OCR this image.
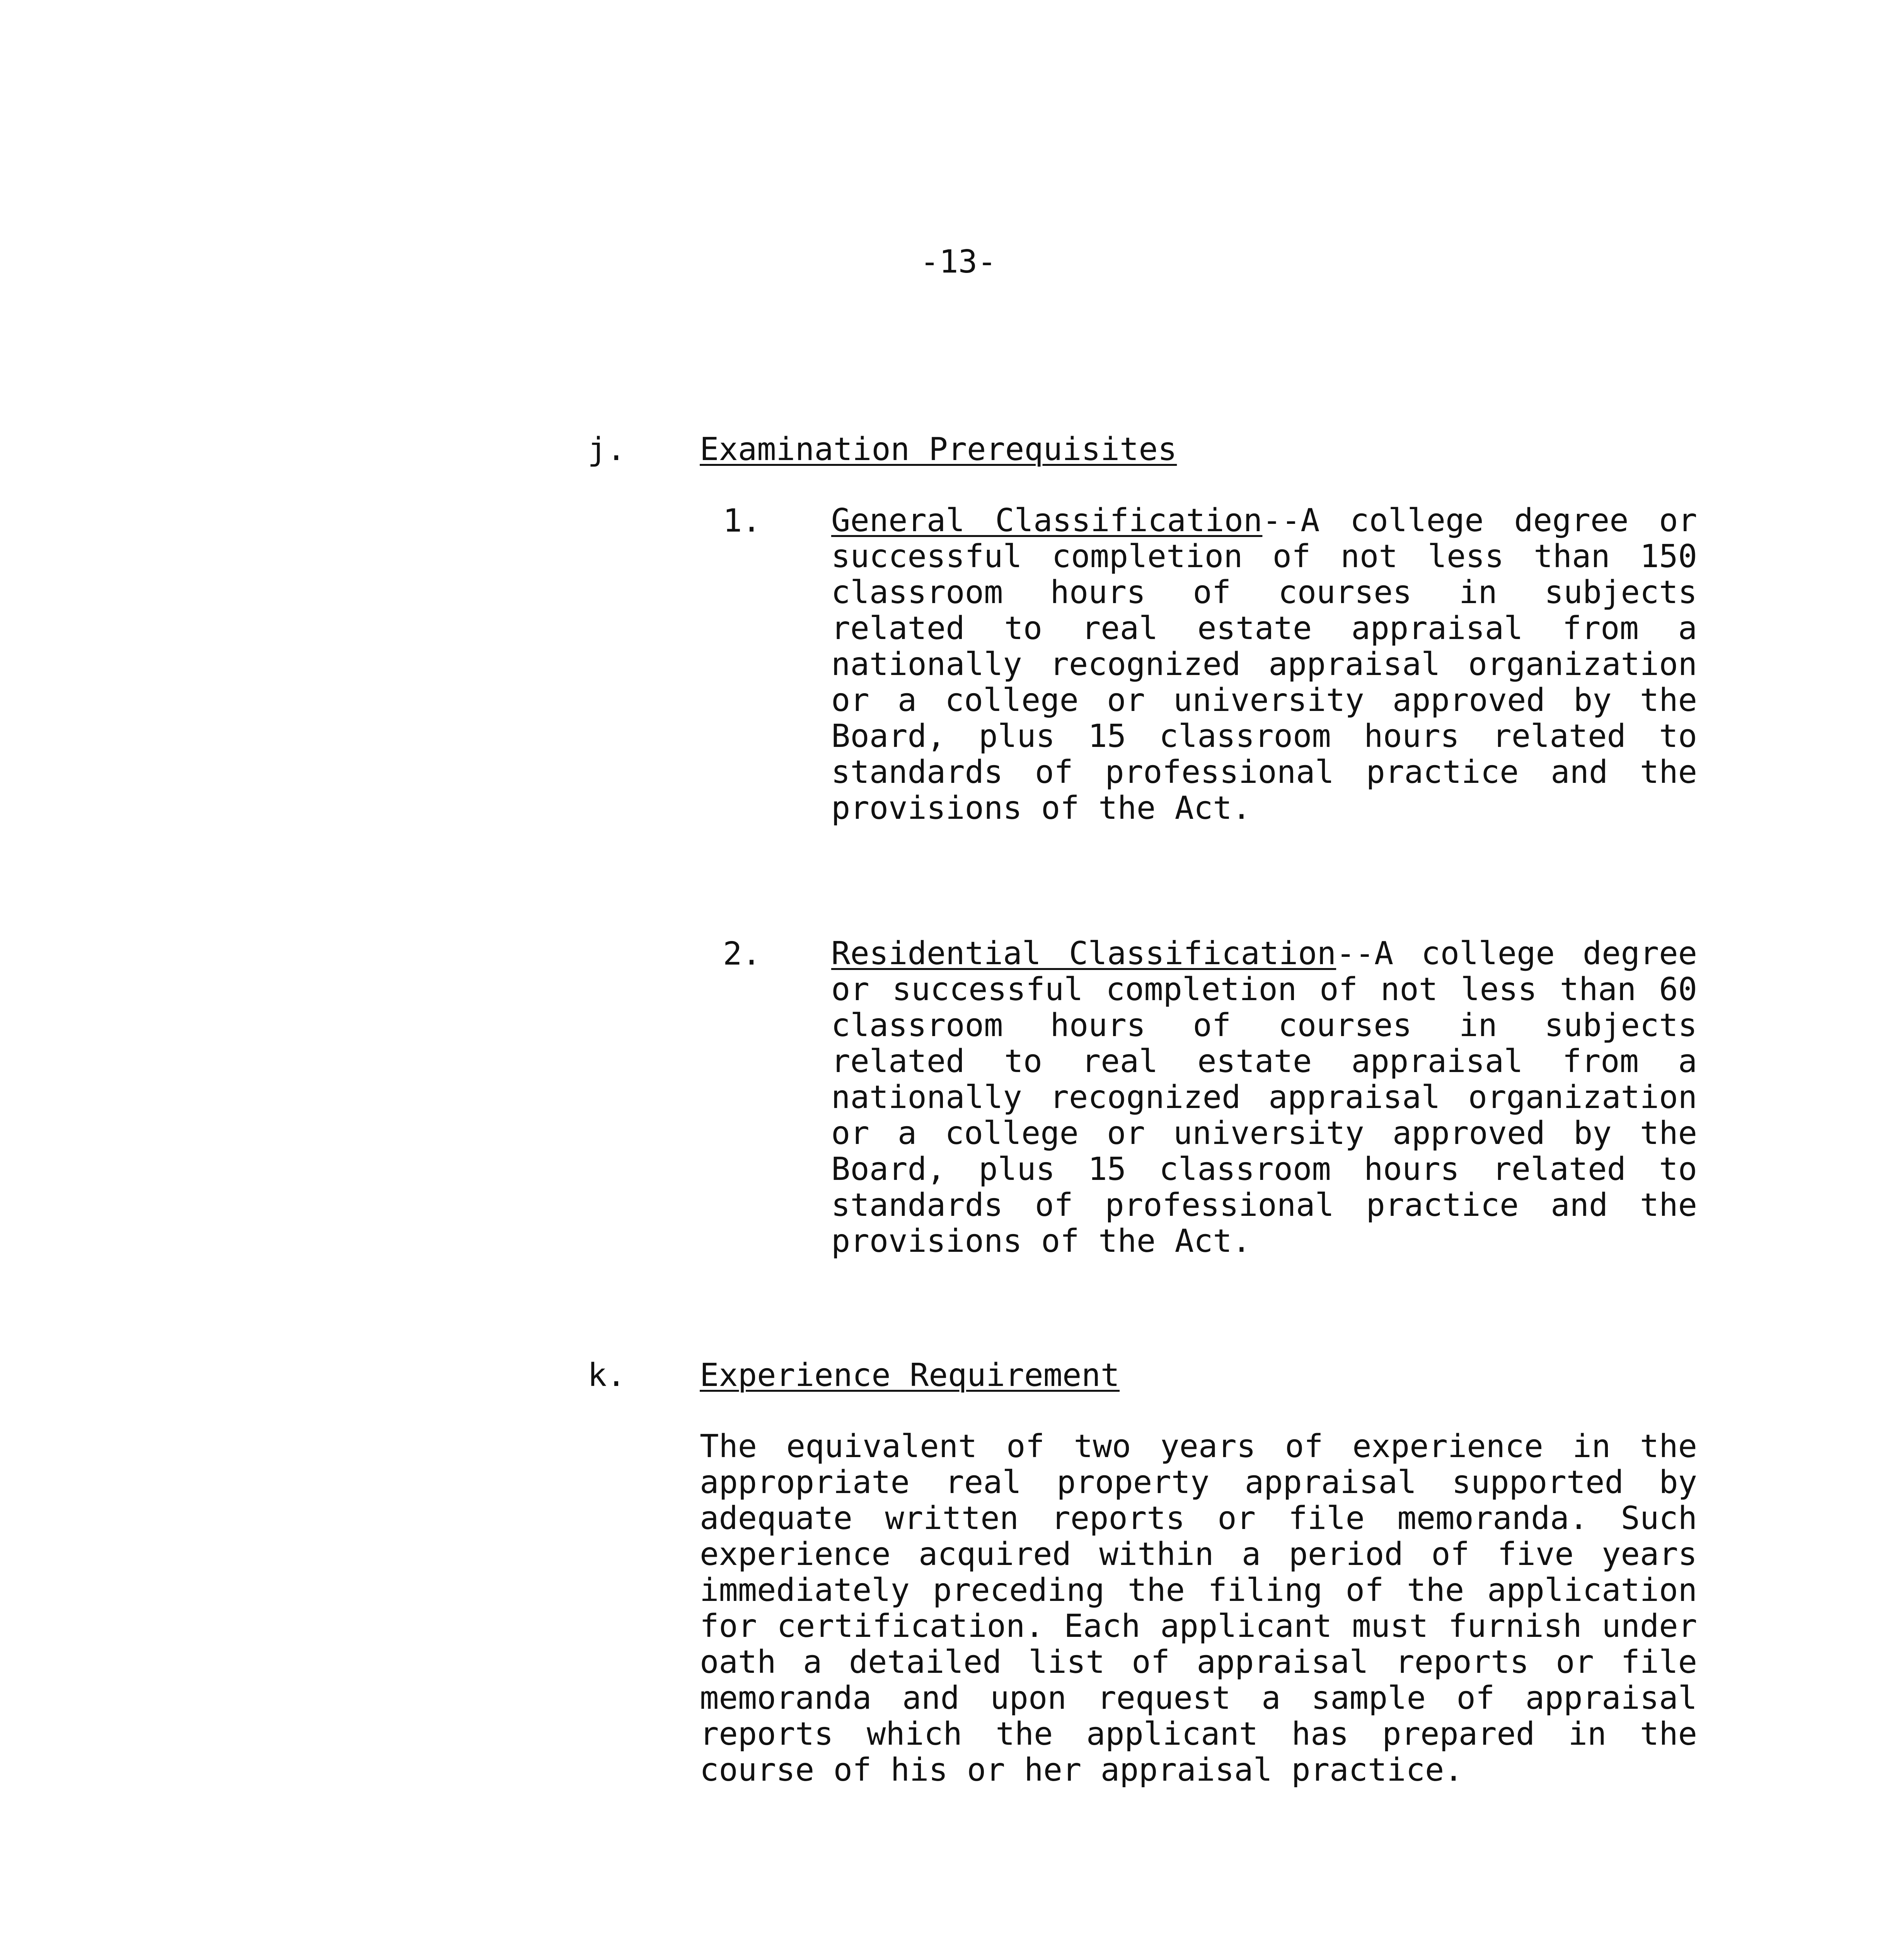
-13-
j. Examination Prerequisites
1. General Classification--A college degree or successful completion of not less than 150 classroom hours of courses in subjects related to real estate appraisal from a nationally recognized appraisal organization or a college or university approved by the Board, plus 15 classroom hours related to standards of professional practice and the provisions of the Act.

2. Residential Classification--A college degree or successful completion of not less than 60 classroom hours of courses in subjects related to real estate appraisal from a nationally recognized appraisal organization or a college or university approved by the Board, plus 15 classroom hours related to standards of professional practice and the provisions of the Act.

k. Experience Requirement

The equivalent of two years of experience in the appropriate real property appraisal supported by adequate written reports or file memoranda. Such experience acquired within a period of five years immediately preceding the filing of the application for certification. Each applicant must furnish under oath a detailed list of appraisal reports or file memoranda and upon request a sample of appraisal reports which the applicant has prepared in the course of his or her appraisal practice.
